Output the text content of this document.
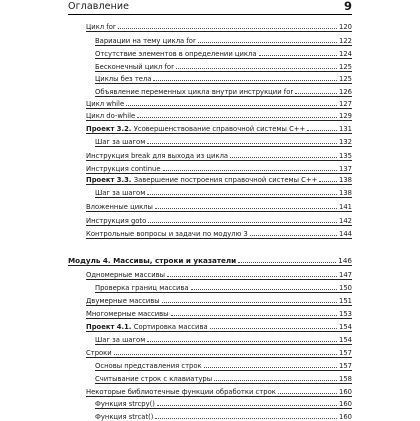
Оглавление	9
Цикл for	120
Вариации на тему цикла for	122
Отсутствие элементов в определении цикла	124
Бесконечный цикл for	125
Циклы без тела	125
Объявление переменных цикла внутри инструкции for	126
Цикл while	127
Цикл do-while	129
Проект 3.2. Усовершенствование справочной системы C++	131
Шаг за шагом	132
Инструкция break для выхода из цикла	135
Инструкция continue	137
Проект 3.3. Завершение построения справочной системы C++	138
Шаг за шагом	138
Вложенные циклы	141
Инструкция goto	142
Контрольные вопросы и задачи по модулю 3	144
Модуль 4. Массивы, строки и указатели	146
Одномерные массивы	147
Проверка границ массива	150
Двумерные массивы	151
Многомерные массивы	153
Проект 4.1. Сортировка массива	154
Шаг за шагом	154
Строки	157
Основы представления строк	157
Считывание строк с клавиатуры	158
Некоторые библиотечные функции обработки строк	160
Функция strcpy()	160
Функция strcat()	160
